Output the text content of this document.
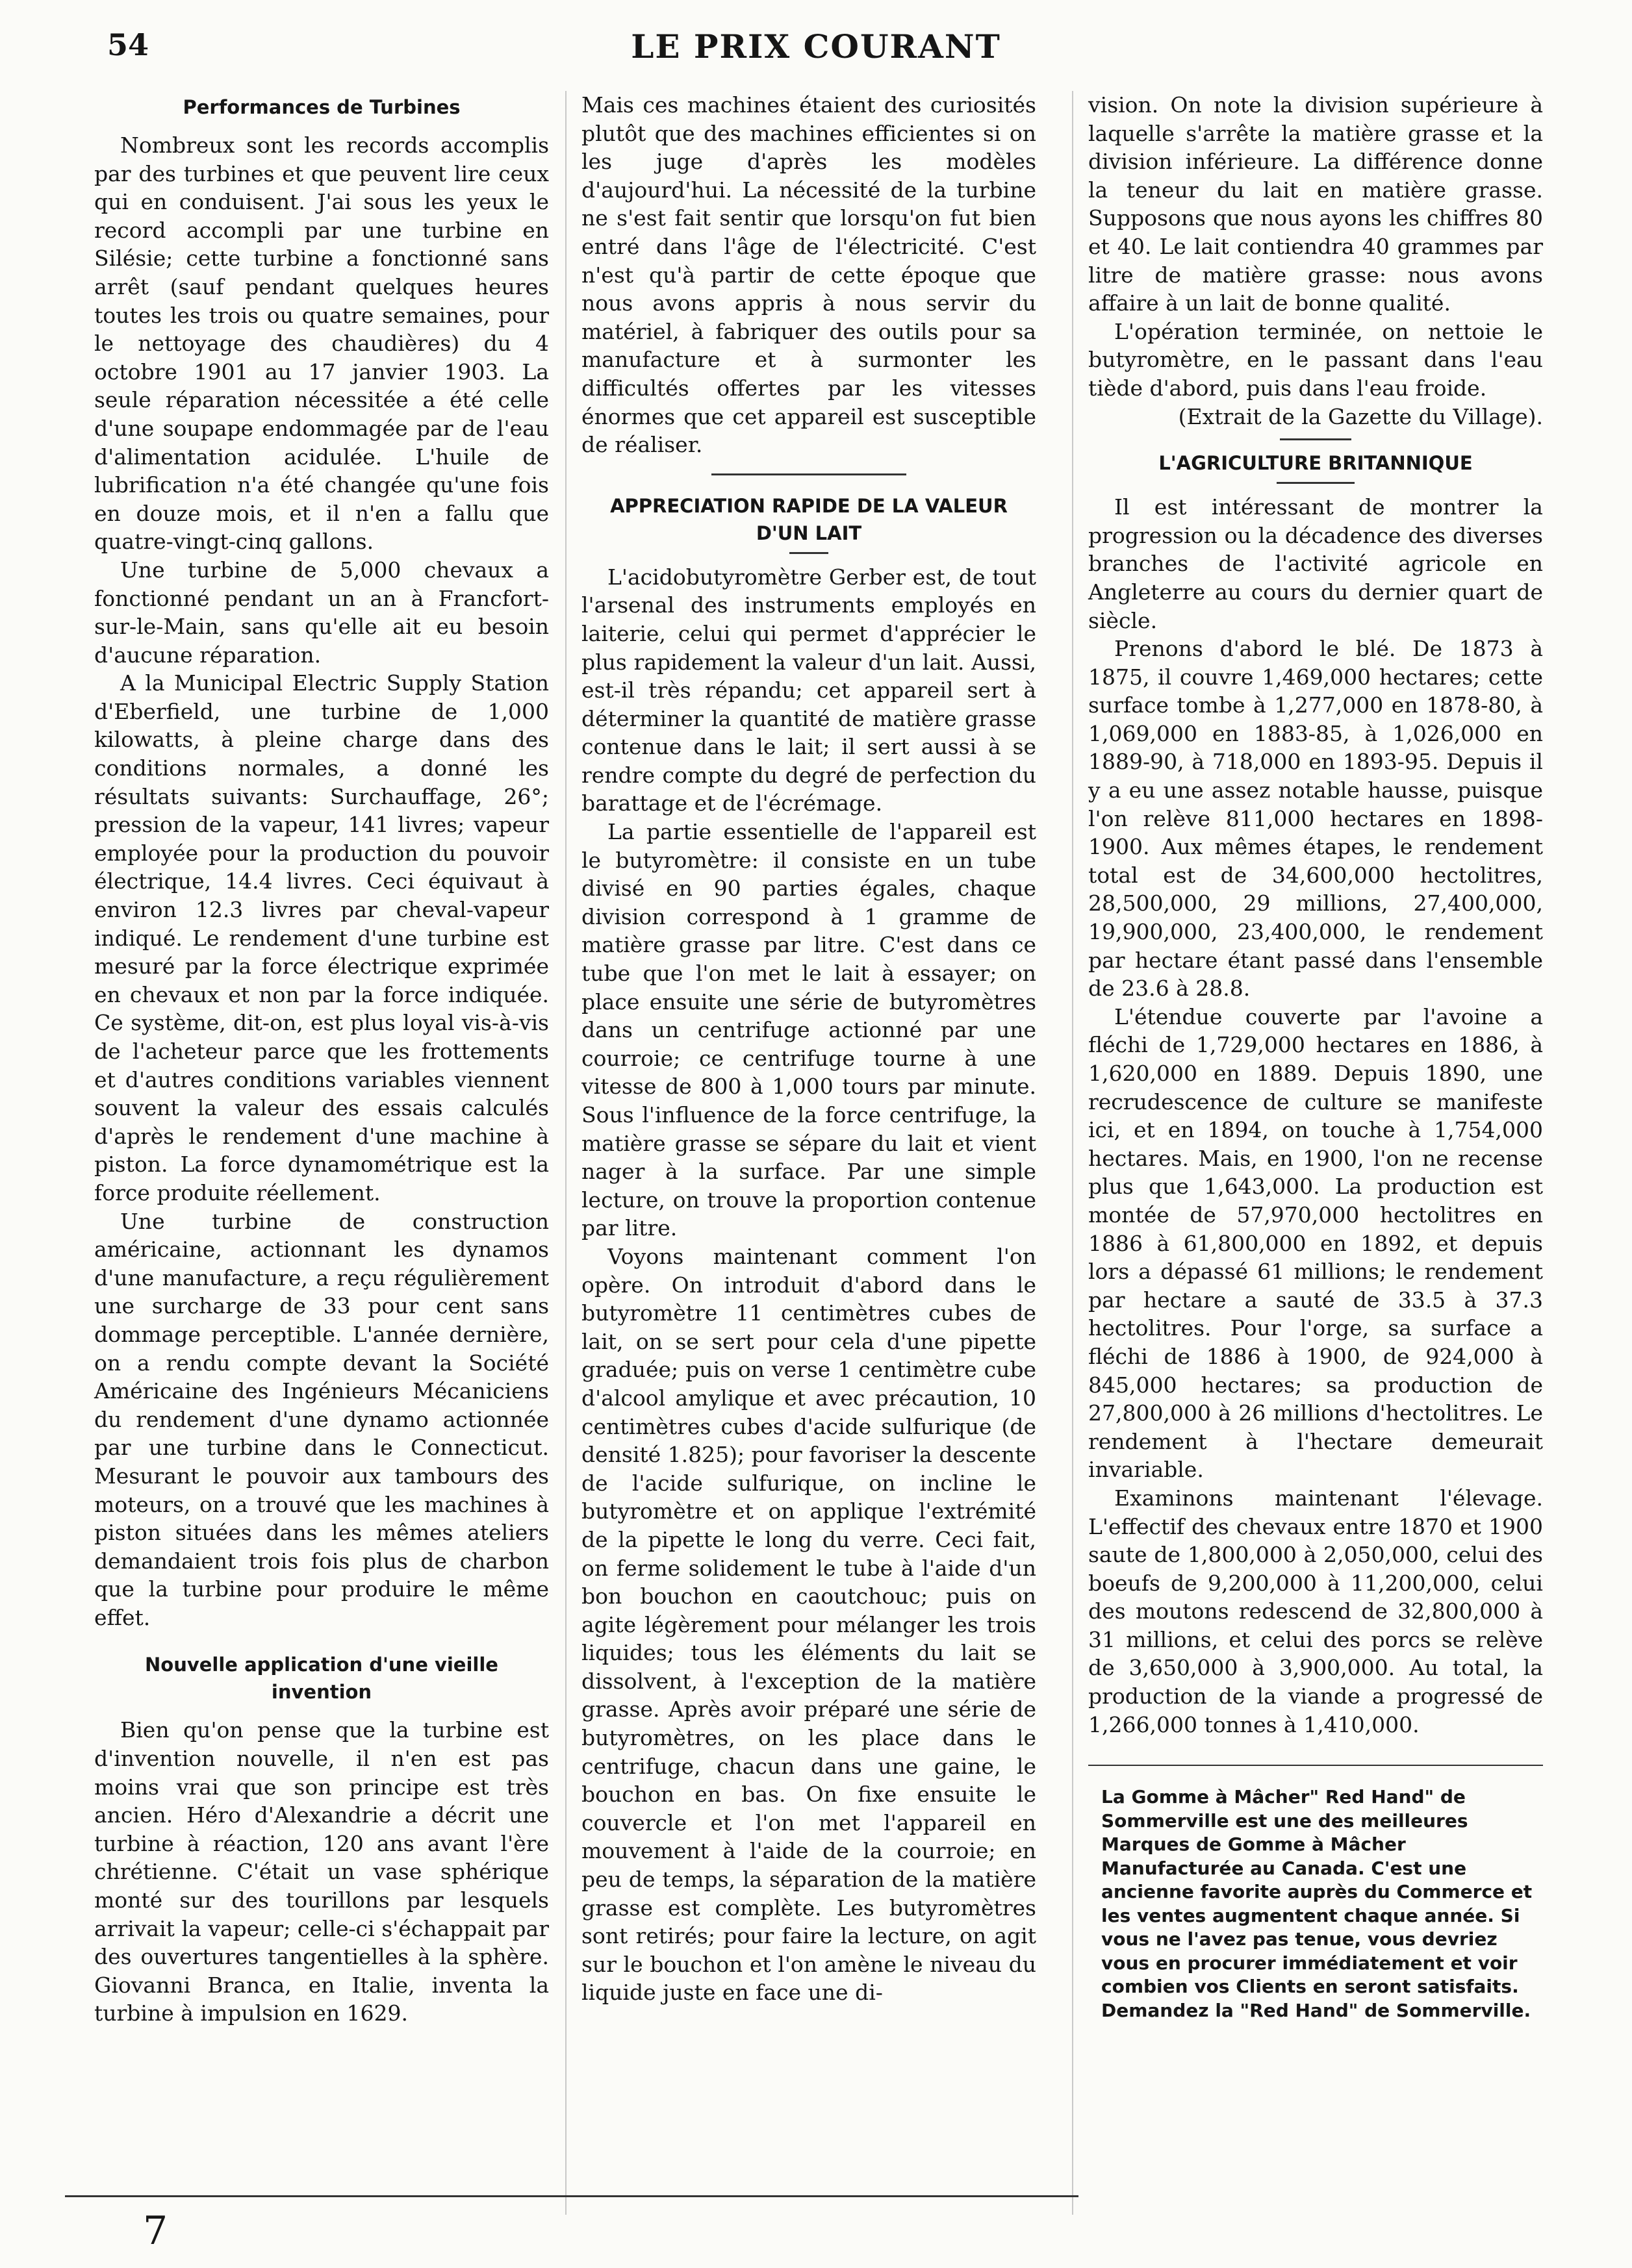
54	LE PRIX COURANT
Performances de Turbines

Nombreux sont les records accomplis par des turbines et que peuvent lire ceux qui en conduisent. J'ai sous les yeux le record accompli par une turbine en Silésie; cette turbine a fonctionné sans arrêt (sauf pendant quelques heures toutes les trois ou quatre semaines, pour le nettoyage des chaudières) du 4 octobre 1901 au 17 janvier 1903. La seule réparation nécessitée a été celle d'une soupape endommagée par de l'eau d'alimentation acidulée. L'huile de lubrification n'a été changée qu'une fois en douze mois, et il n'en a fallu que quatre-vingt-cinq gallons.

Une turbine de 5,000 chevaux a fonctionné pendant un an à Francfort-sur-le-Main, sans qu'elle ait eu besoin d'aucune réparation.

A la Municipal Electric Supply Station d'Eberfield, une turbine de 1,000 kilowatts, à pleine charge dans des conditions normales, a donné les résultats suivants: Surchauffage, 26°; pression de la vapeur, 141 livres; vapeur employée pour la production du pouvoir électrique, 14.4 livres. Ceci équivaut à environ 12.3 livres par cheval-vapeur indiqué. Le rendement d'une turbine est mesuré par la force électrique exprimée en chevaux et non par la force indiquée. Ce système, dit-on, est plus loyal vis-à-vis de l'acheteur parce que les frottements et d'autres conditions variables viennent souvent la valeur des essais calculés d'après le rendement d'une machine à piston. La force dynamométrique est la force produite réellement.

Une turbine de construction américaine, actionnant les dynamos d'une manufacture, a reçu régulièrement une surcharge de 33 pour cent sans dommage perceptible. L'année dernière, on a rendu compte devant la Société Américaine des Ingénieurs Mécaniciens du rendement d'une dynamo actionnée par une turbine dans le Connecticut. Mesurant le pouvoir aux tambours des moteurs, on a trouvé que les machines à piston situées dans les mêmes ateliers demandaient trois fois plus de charbon que la turbine pour produire le même effet.

Nouvelle application d'une vieille invention

Bien qu'on pense que la turbine est d'invention nouvelle, il n'en est pas moins vrai que son principe est très ancien. Héro d'Alexandrie a décrit une turbine à réaction, 120 ans avant l'ère chrétienne. C'était un vase sphérique monté sur des tourillons par lesquels arrivait la vapeur; celle-ci s'échappait par des ouvertures tangentielles à la sphère. Giovanni Branca, en Italie, inventa la turbine à impulsion en 1629.

Mais ces machines étaient des curiosités plutôt que des machines efficientes si on les juge d'après les modèles d'aujourd'hui. La nécessité de la turbine ne s'est fait sentir que lorsqu'on fut bien entré dans l'âge de l'électricité. C'est n'est qu'à partir de cette époque que nous avons appris à nous servir du matériel, à fabriquer des outils pour sa manufacture et à surmonter les difficultés offertes par les vitesses énormes que cet appareil est susceptible de réaliser.

APPRECIATION RAPIDE DE LA VALEUR D'UN LAIT

L'acidobutyromètre Gerber est, de tout l'arsenal des instruments employés en laiterie, celui qui permet d'apprécier le plus rapidement la valeur d'un lait. Aussi, est-il très répandu; cet appareil sert à déterminer la quantité de matière grasse contenue dans le lait; il sert aussi à se rendre compte du degré de perfection du barattage et de l'écrémage.

La partie essentielle de l'appareil est le butyromètre: il consiste en un tube divisé en 90 parties égales, chaque division correspond à 1 gramme de matière grasse par litre. C'est dans ce tube que l'on met le lait à essayer; on place ensuite une série de butyromètres dans un centrifuge actionné par une courroie; ce centrifuge tourne à une vitesse de 800 à 1,000 tours par minute. Sous l'influence de la force centrifuge, la matière grasse se sépare du lait et vient nager à la surface. Par une simple lecture, on trouve la proportion contenue par litre.

Voyons maintenant comment l'on opère. On introduit d'abord dans le butyromètre 11 centimètres cubes de lait, on se sert pour cela d'une pipette graduée; puis on verse 1 centimètre cube d'alcool amylique et avec précaution, 10 centimètres cubes d'acide sulfurique (de densité 1.825); pour favoriser la descente de l'acide sulfurique, on incline le butyromètre et on applique l'extrémité de la pipette le long du verre. Ceci fait, on ferme solidement le tube à l'aide d'un bon bouchon en caoutchouc; puis on agite légèrement pour mélanger les trois liquides; tous les éléments du lait se dissolvent, à l'exception de la matière grasse. Après avoir préparé une série de butyromètres, on les place dans le centrifuge, chacun dans une gaine, le bouchon en bas. On fixe ensuite le couvercle et l'on met l'appareil en mouvement à l'aide de la courroie; en peu de temps, la séparation de la matière grasse est complète. Les butyromètres sont retirés; pour faire la lecture, on agit sur le bouchon et l'on amène le niveau du liquide juste en face une di-

vision. On note la division supérieure à laquelle s'arrête la matière grasse et la division inférieure. La différence donne la teneur du lait en matière grasse. Supposons que nous ayons les chiffres 80 et 40. Le lait contiendra 40 grammes par litre de matière grasse: nous avons affaire à un lait de bonne qualité.

L'opération terminée, on nettoie le butyromètre, en le passant dans l'eau tiède d'abord, puis dans l'eau froide.

(Extrait de la Gazette du Village).

L'AGRICULTURE BRITANNIQUE

Il est intéressant de montrer la progression ou la décadence des diverses branches de l'activité agricole en Angleterre au cours du dernier quart de siècle.

Prenons d'abord le blé. De 1873 à 1875, il couvre 1,469,000 hectares; cette surface tombe à 1,277,000 en 1878-80, à 1,069,000 en 1883-85, à 1,026,000 en 1889-90, à 718,000 en 1893-95. Depuis il y a eu une assez notable hausse, puisque l'on relève 811,000 hectares en 1898-1900. Aux mêmes étapes, le rendement total est de 34,600,000 hectolitres, 28,500,000, 29 millions, 27,400,000, 19,900,000, 23,400,000, le rendement par hectare étant passé dans l'ensemble de 23.6 à 28.8.

L'étendue couverte par l'avoine a fléchi de 1,729,000 hectares en 1886, à 1,620,000 en 1889. Depuis 1890, une recrudescence de culture se manifeste ici, et en 1894, on touche à 1,754,000 hectares. Mais, en 1900, l'on ne recense plus que 1,643,000. La production est montée de 57,970,000 hectolitres en 1886 à 61,800,000 en 1892, et depuis lors a dépassé 61 millions; le rendement par hectare a sauté de 33.5 à 37.3 hectolitres. Pour l'orge, sa surface a fléchi de 1886 à 1900, de 924,000 à 845,000 hectares; sa production de 27,800,000 à 26 millions d'hectolitres. Le rendement à l'hectare demeurait invariable.

Examinons maintenant l'élevage. L'effectif des chevaux entre 1870 et 1900 saute de 1,800,000 à 2,050,000, celui des boeufs de 9,200,000 à 11,200,000, celui des moutons redescend de 32,800,000 à 31 millions, et celui des porcs se relève de 3,650,000 à 3,900,000. Au total, la production de la viande a progressé de 1,266,000 tonnes à 1,410,000.

La Gomme à Mâcher" Red Hand" de Sommerville est une des meilleures Marques de Gomme à Mâcher Manufacturée au Canada. C'est une ancienne favorite auprès du Commerce et les ventes augmentent chaque année. Si vous ne l'avez pas tenue, vous devriez vous en procurer immédiatement et voir combien vos Clients en seront satisfaits. Demandez la "Red Hand" de Sommerville.

7
